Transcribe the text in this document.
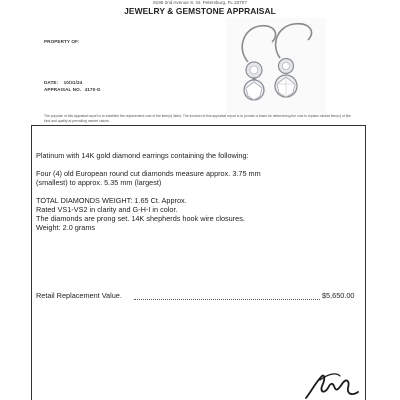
8195 2nd Avenue S. St. Petersburg, FL 33707
JEWELRY & GEMSTONE APPRAISAL
PROPERTY OF:
DATE: 10/31/24
APPRAISAL NO. 4170-G
The purpose of this appraisal report is to establish the replacement cost of the item(s) listed. The function of this appraisal report is to provide a basis for determining the cost to replace similar item(s) of like kind and quality at prevailing market values.
Platinum with 14K gold diamond earrings containing the following:
Four (4) old European round cut diamonds measure approx. 3.75 mm
(smallest) to approx. 5.35 mm (largest)
TOTAL DIAMONDS WEIGHT: 1.65 Ct. Approx.
Rated VS1-VS2 in clarity and G-H-I in color.
The diamonds are prong set. 14K shepherds hook wire closures.
Weight: 2.0 grams
Retail Replacement Value.	$5,650.00
